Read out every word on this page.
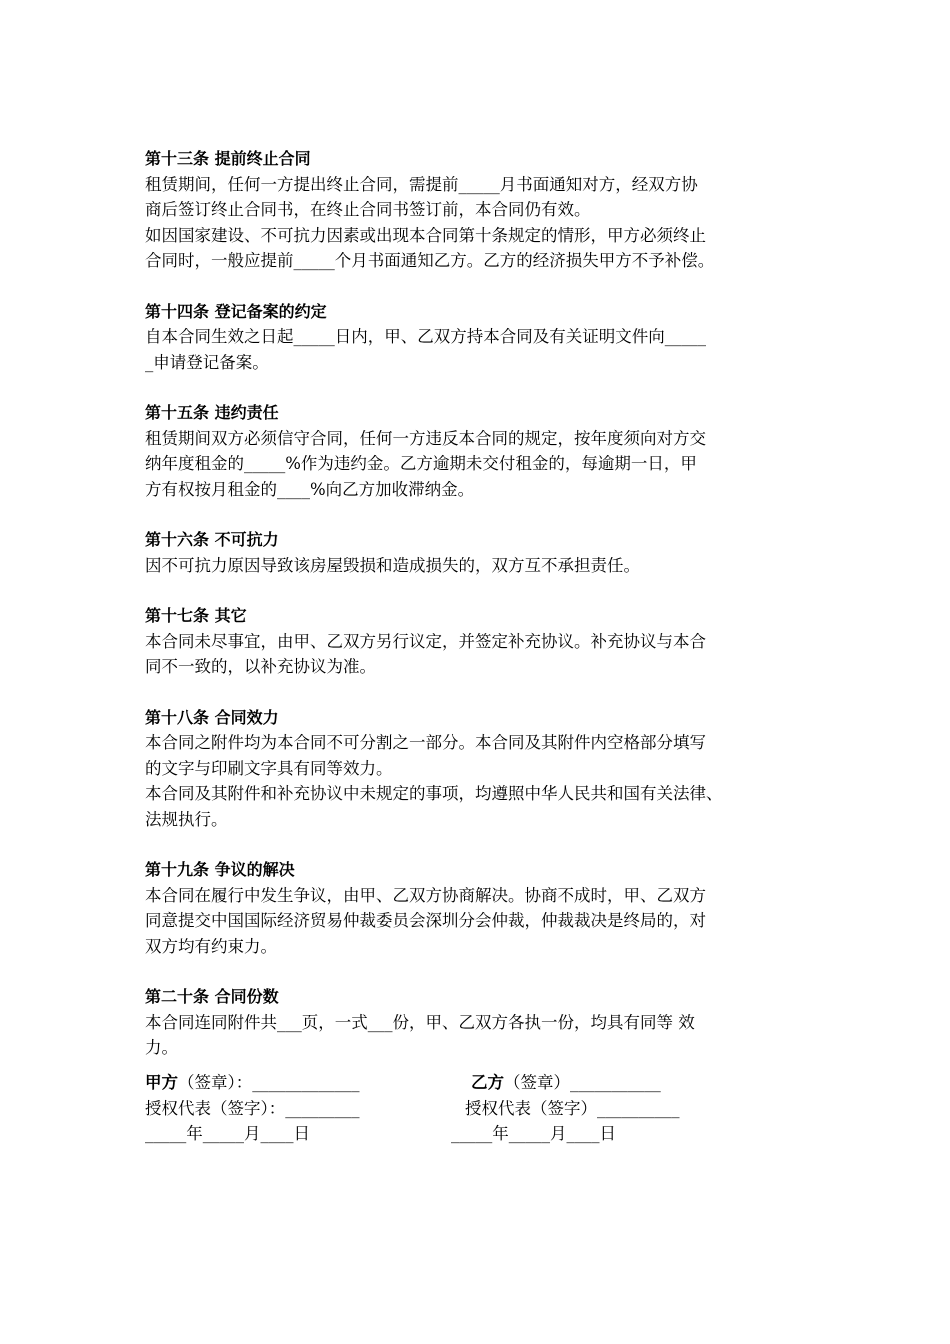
第十三条 提前终止合同

租赁期间，任何一方提出终止合同，需提前_____月书面通知对方，经双方协

商后签订终止合同书，在终止合同书签订前，本合同仍有效。

如因国家建设、不可抗力因素或出现本合同第十条规定的情形，甲方必须终止

合同时，一般应提前_____个月书面通知乙方。乙方的经济损失甲方不予补偿。

第十四条 登记备案的约定

自本合同生效之日起_____日内，甲、乙双方持本合同及有关证明文件向_____

_申请登记备案。

第十五条 违约责任

租赁期间双方必须信守合同，任何一方违反本合同的规定，按年度须向对方交

纳年度租金的_____%作为违约金。乙方逾期未交付租金的，每逾期一日，甲

方有权按月租金的____%向乙方加收滞纳金。

第十六条 不可抗力

因不可抗力原因导致该房屋毁损和造成损失的，双方互不承担责任。

第十七条 其它

本合同未尽事宜，由甲、乙双方另行议定，并签定补充协议。补充协议与本合

同不一致的，以补充协议为准。

第十八条 合同效力

本合同之附件均为本合同不可分割之一部分。本合同及其附件内空格部分填写

的文字与印刷文字具有同等效力。

本合同及其附件和补充协议中未规定的事项，均遵照中华人民共和国有关法律、

法规执行。

第十九条 争议的解决

本合同在履行中发生争议，由甲、乙双方协商解决。协商不成时，甲、乙双方

同意提交中国国际经济贸易仲裁委员会深圳分会仲裁，仲裁裁决是终局的，对

双方均有约束力。

第二十条 合同份数

本合同连同附件共___页，一式___份，甲、乙双方各执一份，均具有同等 效

力。

甲方（签章）：_____________	乙方（签章）___________
授权代表（签字）：_________	授权代表（签字）__________
_____年_____月____日	_____年_____月____日
